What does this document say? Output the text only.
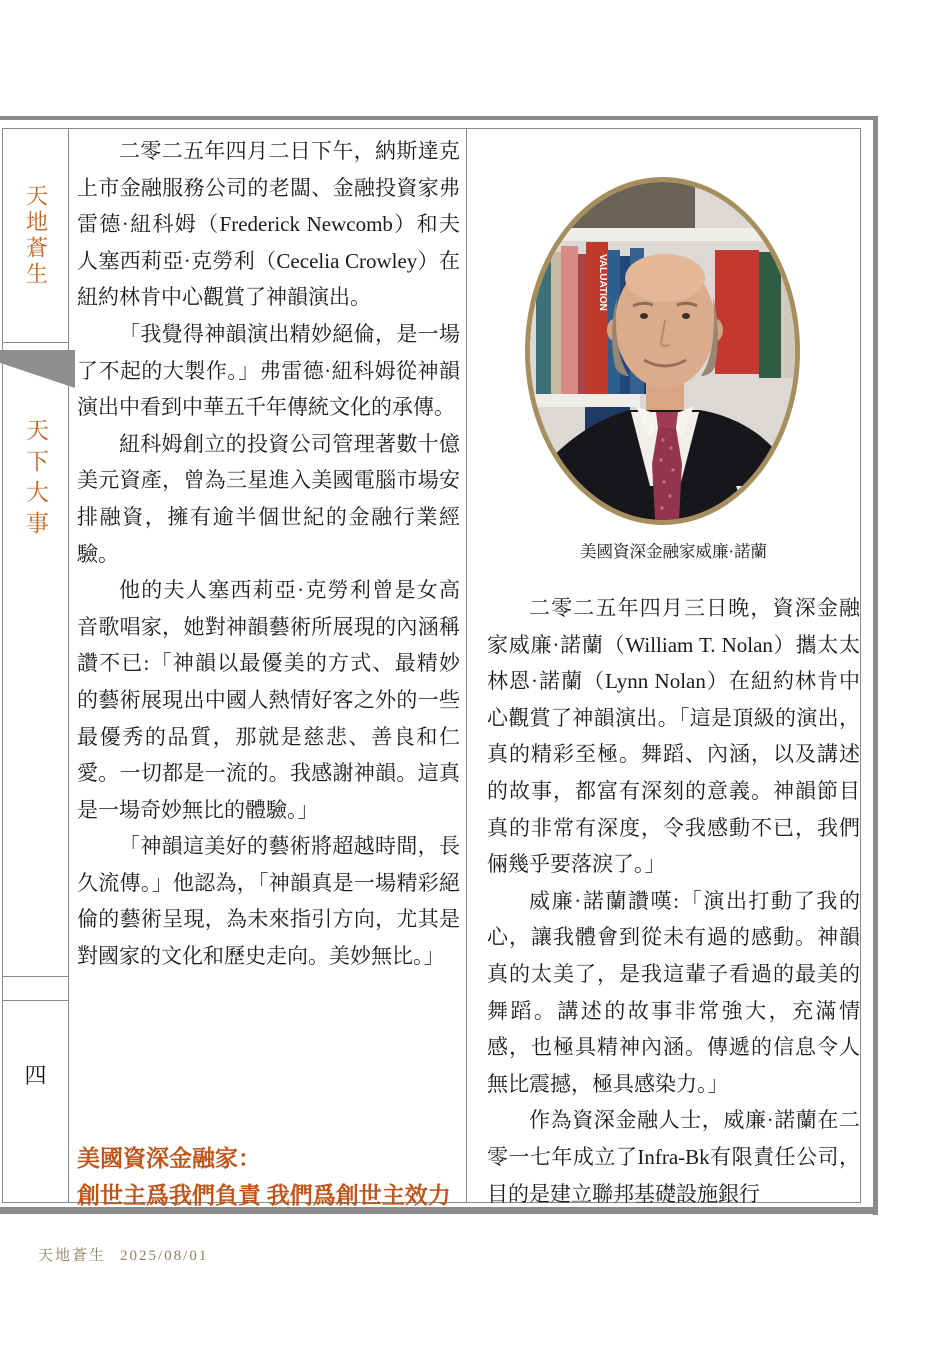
天地蒼生
天下大事
四

二零二五年四月二日下午，納斯達克上市金融服務公司的老闆、金融投資家弗雷德·紐科姆（Frederick Newcomb）和夫人塞西莉亞·克勞利（Cecelia Crowley）在紐約林肯中心觀賞了神韻演出。

「我覺得神韻演出精妙絕倫，是一場了不起的大製作。」弗雷德·紐科姆從神韻演出中看到中華五千年傳統文化的承傳。

紐科姆創立的投資公司管理著數十億美元資產，曾為三星進入美國電腦市場安排融資，擁有逾半個世紀的金融行業經驗。

他的夫人塞西莉亞·克勞利曾是女高音歌唱家，她對神韻藝術所展現的內涵稱讚不已:「神韻以最優美的方式、最精妙的藝術展現出中國人熱情好客之外的一些最優秀的品質，那就是慈悲、善良和仁愛。一切都是一流的。我感謝神韻。這真是一場奇妙無比的體驗。」

「神韻這美好的藝術將超越時間，長久流傳。」他認為，「神韻真是一場精彩絕倫的藝術呈現，為未來指引方向，尤其是對國家的文化和歷史走向。美妙無比。」

美國資深金融家：
創世主爲我們負責 我們爲創世主效力
VALUATION
美國資深金融家威廉·諾蘭

二零二五年四月三日晚，資深金融家威廉·諾蘭（William T. Nolan）攜太太林恩·諾蘭（Lynn Nolan）在紐約林肯中心觀賞了神韻演出。「這是頂級的演出，真的精彩至極。舞蹈、內涵，以及講述的故事，都富有深刻的意義。神韻節目真的非常有深度，令我感動不已，我們倆幾乎要落淚了。」

威廉·諾蘭讚嘆:「演出打動了我的心，讓我體會到從未有過的感動。神韻真的太美了，是我這輩子看過的最美的舞蹈。講述的故事非常強大，充滿情感，也極具精神內涵。傳遞的信息令人無比震撼，極具感染力。」

作為資深金融人士，威廉·諾蘭在二零一七年成立了Infra-Bk有限責任公司，目的是建立聯邦基礎設施銀行

天地蒼生 2025/08/01
